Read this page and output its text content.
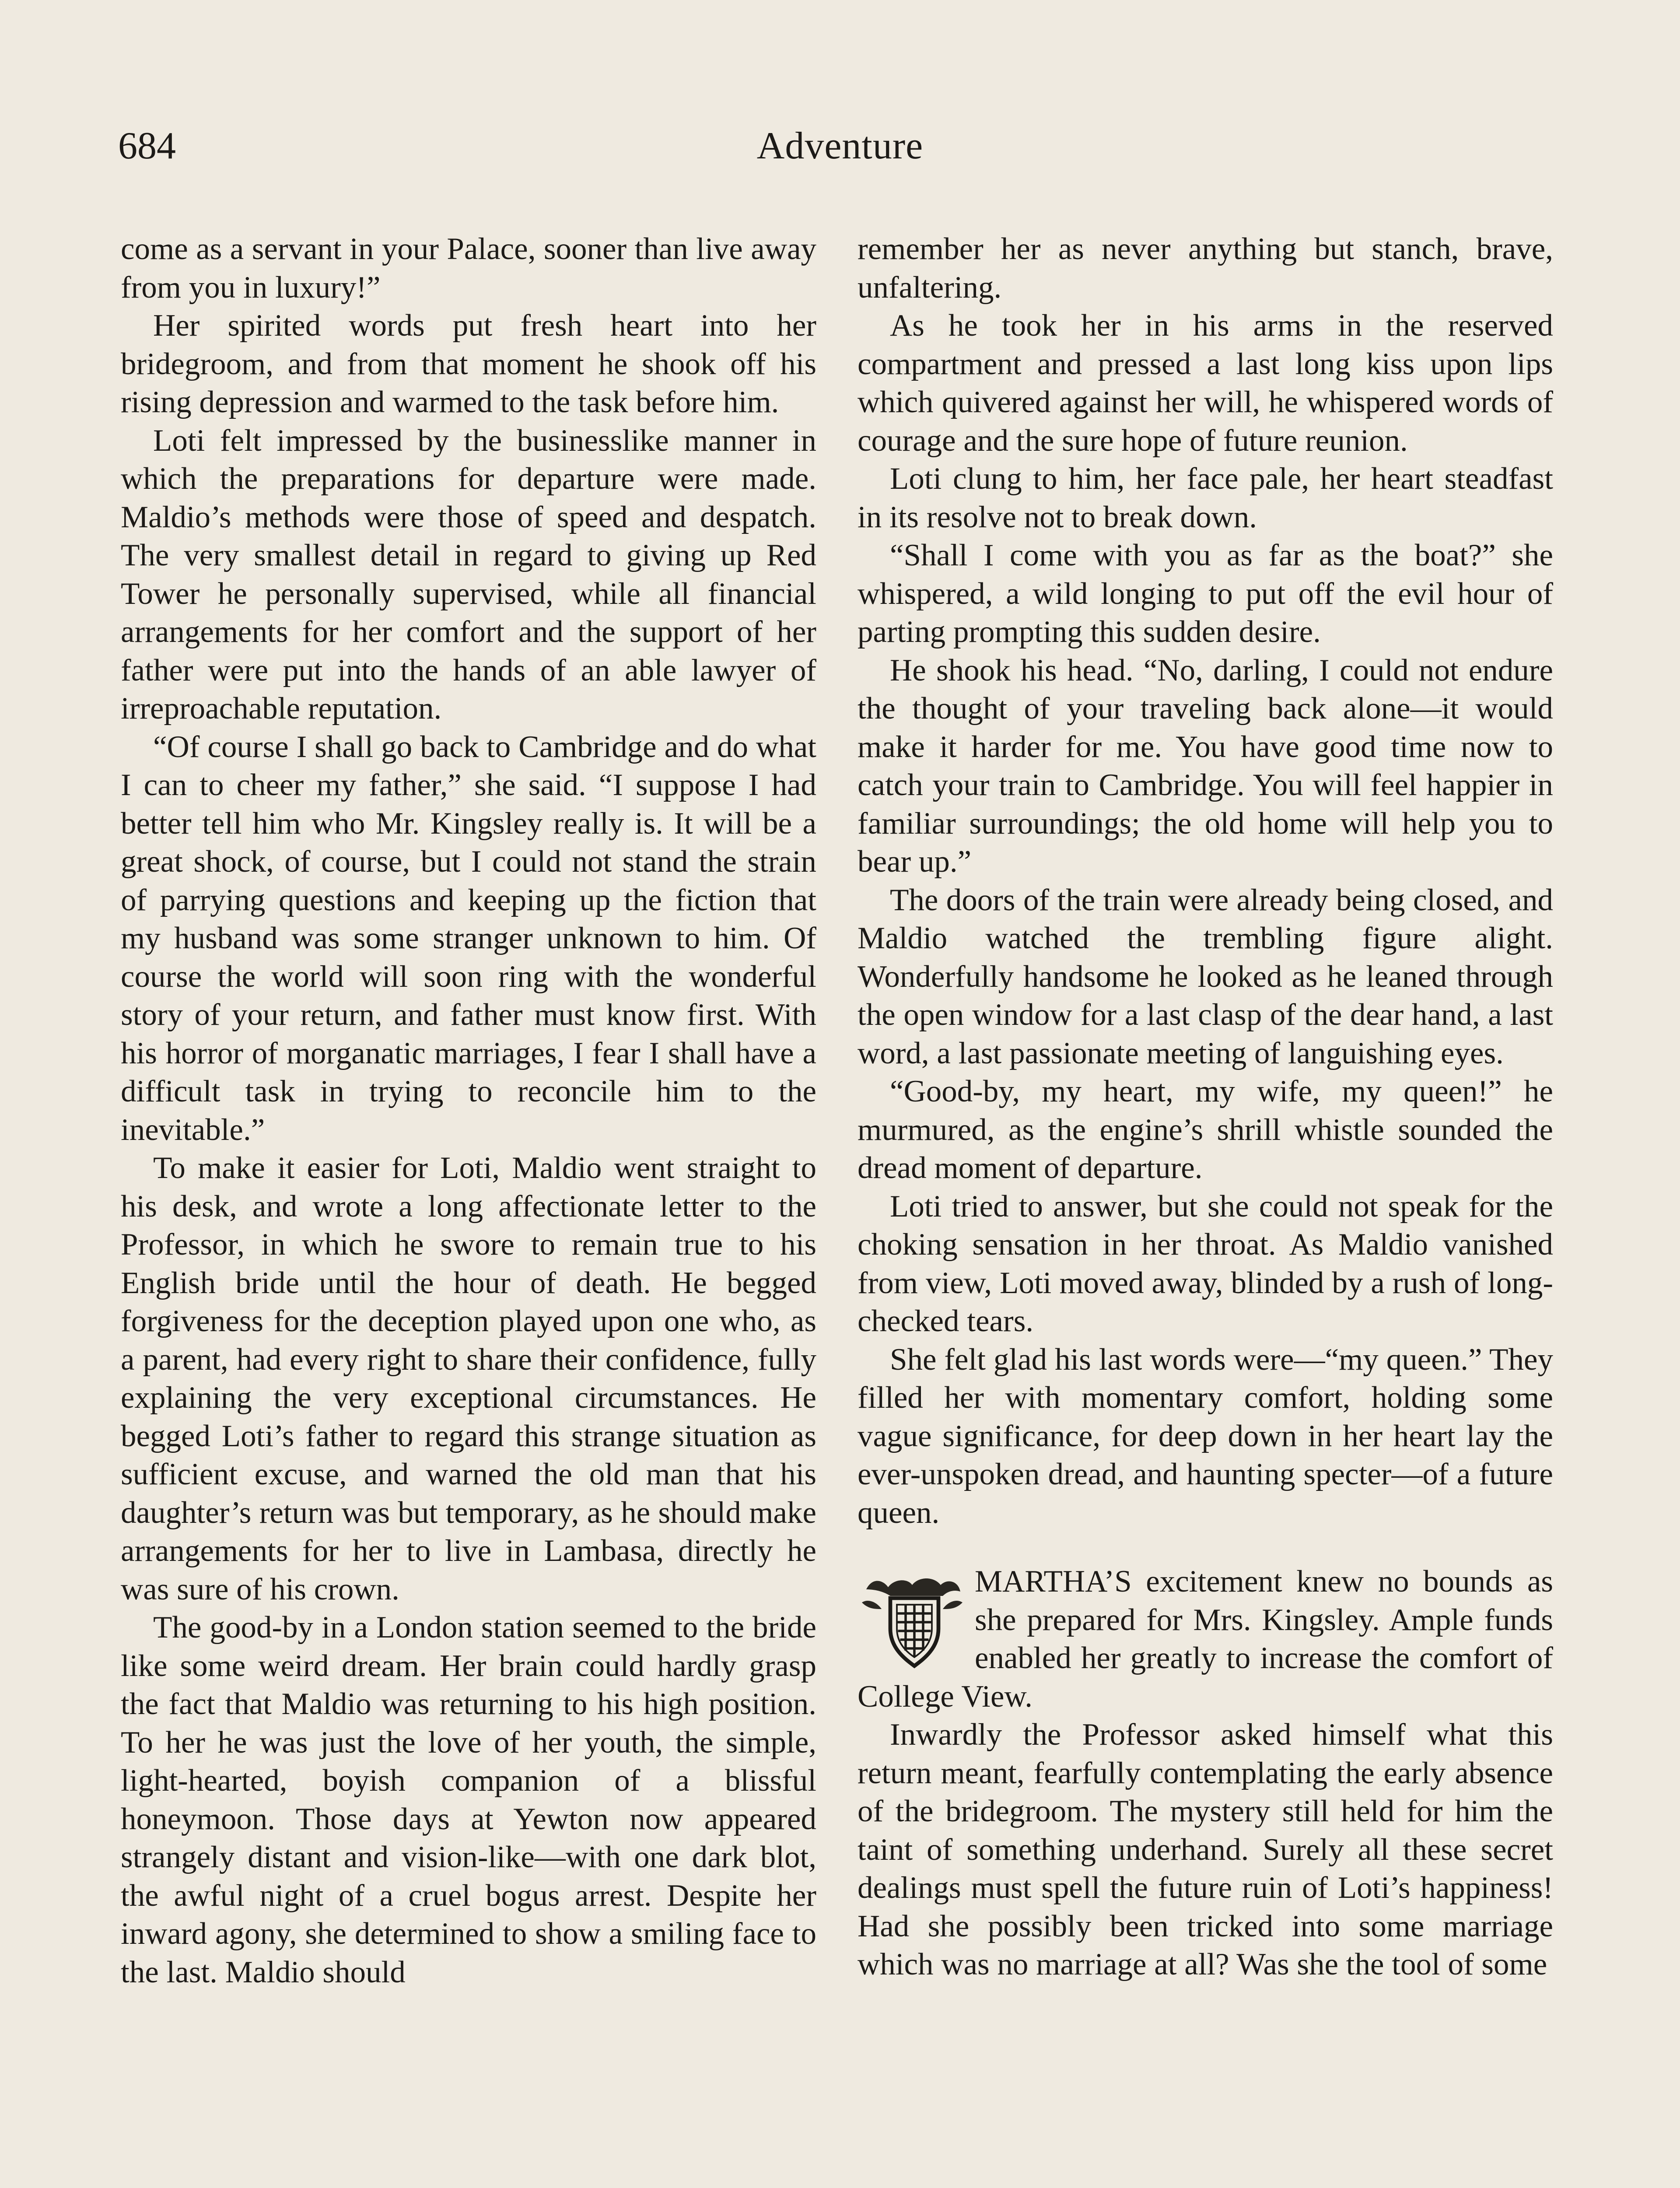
684	Adventure

come as a servant in your Palace, sooner than live away from you in luxury!”

Her spirited words put fresh heart into her bridegroom, and from that moment he shook off his rising depression and warmed to the task before him.

Loti felt impressed by the businesslike manner in which the preparations for departure were made. Maldio’s methods were those of speed and despatch. The very smallest detail in regard to giving up Red Tower he personally supervised, while all financial arrangements for her comfort and the support of her father were put into the hands of an able lawyer of irreproachable reputation.

“Of course I shall go back to Cambridge and do what I can to cheer my father,” she said. “I suppose I had better tell him who Mr. Kingsley really is. It will be a great shock, of course, but I could not stand the strain of parrying questions and keeping up the fiction that my husband was some stranger unknown to him. Of course the world will soon ring with the wonderful story of your return, and father must know first. With his horror of morganatic marriages, I fear I shall have a difficult task in trying to reconcile him to the inevitable.”

To make it easier for Loti, Maldio went straight to his desk, and wrote a long affectionate letter to the Professor, in which he swore to remain true to his English bride until the hour of death. He begged forgiveness for the deception played upon one who, as a parent, had every right to share their confidence, fully explaining the very exceptional circumstances. He begged Loti’s father to regard this strange situation as sufficient excuse, and warned the old man that his daughter’s return was but temporary, as he should make arrangements for her to live in Lambasa, directly he was sure of his crown.

The good-by in a London station seemed to the bride like some weird dream. Her brain could hardly grasp the fact that Maldio was returning to his high position. To her he was just the love of her youth, the simple, light-hearted, boyish companion of a blissful honeymoon. Those days at Yewton now appeared strangely distant and vision-like—with one dark blot, the awful night of a cruel bogus arrest. Despite her inward agony, she determined to show a smiling face to the last. Maldio should

remember her as never anything but stanch, brave, unfaltering.

As he took her in his arms in the reserved compartment and pressed a last long kiss upon lips which quivered against her will, he whispered words of courage and the sure hope of future reunion.

Loti clung to him, her face pale, her heart steadfast in its resolve not to break down.

“Shall I come with you as far as the boat?” she whispered, a wild longing to put off the evil hour of parting prompting this sudden desire.

He shook his head. “No, darling, I could not endure the thought of your traveling back alone—it would make it harder for me. You have good time now to catch your train to Cambridge. You will feel happier in familiar surroundings; the old home will help you to bear up.”

The doors of the train were already being closed, and Maldio watched the trembling figure alight. Wonderfully handsome he looked as he leaned through the open window for a last clasp of the dear hand, a last word, a last passionate meeting of languishing eyes.

“Good-by, my heart, my wife, my queen!” he murmured, as the engine’s shrill whistle sounded the dread moment of departure.

Loti tried to answer, but she could not speak for the choking sensation in her throat. As Maldio vanished from view, Loti moved away, blinded by a rush of long-checked tears.

She felt glad his last words were—“my queen.” They filled her with momentary comfort, holding some vague significance, for deep down in her heart lay the ever-unspoken dread, and haunting specter—of a future queen.

MARTHA’S excitement knew no bounds as she prepared for Mrs. Kingsley. Ample funds enabled her greatly to increase the comfort of College View.

Inwardly the Professor asked himself what this return meant, fearfully contemplating the early absence of the bridegroom. The mystery still held for him the taint of something underhand. Surely all these secret dealings must spell the future ruin of Loti’s happiness! Had she possibly been tricked into some marriage which was no marriage at all? Was she the tool of some
